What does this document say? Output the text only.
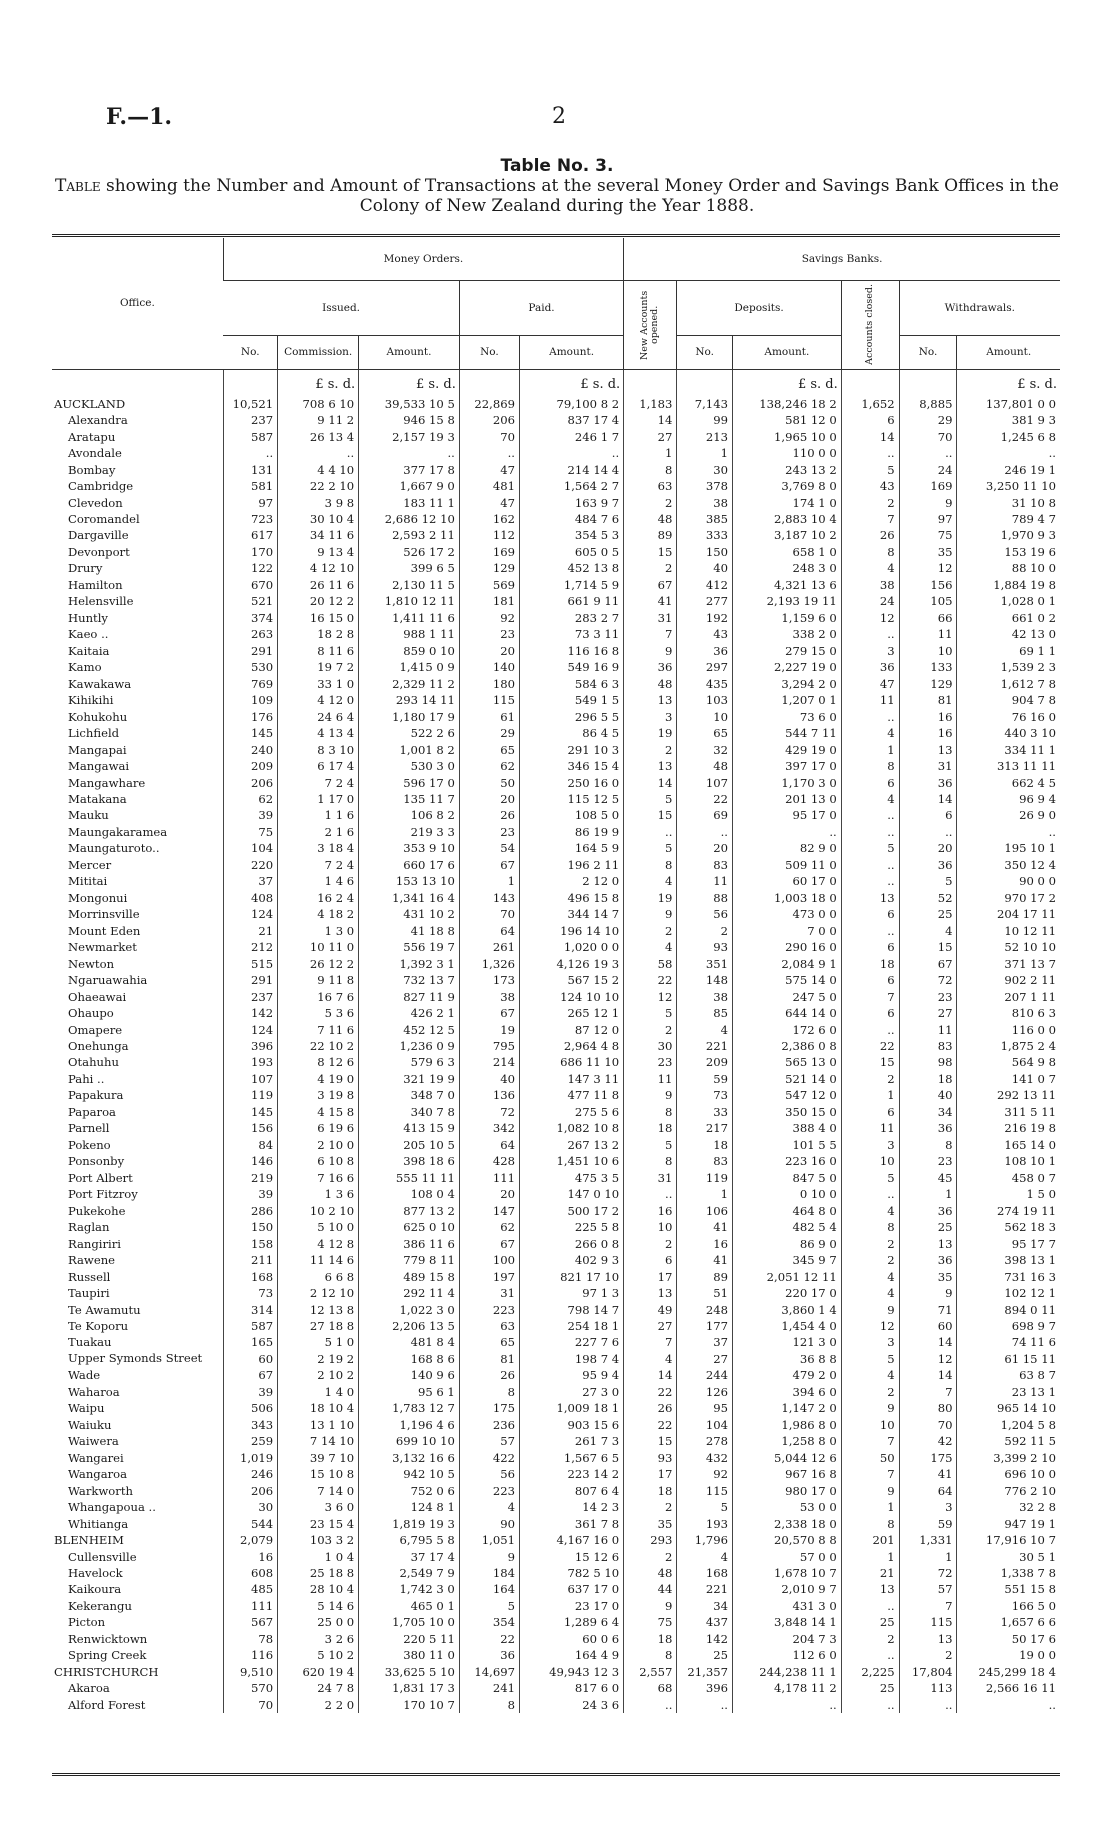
F.—1.	2
Table No. 3.
Table showing the Number and Amount of Transactions at the several Money Order and Savings Bank Offices in the Colony of New Zealand during the Year 1888.
Office.	Money Orders.					Savings Banks.					
	Issued.			Paid.		New Accounts opened.	Deposits.		Accounts closed.	Withdrawals.	
	No.	Commission.	Amount.	No.	Amount.		No.	Amount.		No.	Amount.
		£ s. d.	£ s. d.		£ s. d.			£ s. d.			£ s. d.
AUCKLAND	10,521	708 6 10	39,533 10 5	22,869	79,100 8 2	1,183	7,143	138,246 18 2	1,652	8,885	137,801 0 0
Alexandra	237	9 11 2	946 15 8	206	837 17 4	14	99	581 12 0	6	29	381 9 3
Aratapu	587	26 13 4	2,157 19 3	70	246 1 7	27	213	1,965 10 0	14	70	1,245 6 8
Avondale	..	..	..	..	..	1	1	110 0 0	..	..	..
Bombay	131	4 4 10	377 17 8	47	214 14 4	8	30	243 13 2	5	24	246 19 1
Cambridge	581	22 2 10	1,667 9 0	481	1,564 2 7	63	378	3,769 8 0	43	169	3,250 11 10
Clevedon	97	3 9 8	183 11 1	47	163 9 7	2	38	174 1 0	2	9	31 10 8
Coromandel	723	30 10 4	2,686 12 10	162	484 7 6	48	385	2,883 10 4	7	97	789 4 7
Dargaville	617	34 11 6	2,593 2 11	112	354 5 3	89	333	3,187 10 2	26	75	1,970 9 3
Devonport	170	9 13 4	526 17 2	169	605 0 5	15	150	658 1 0	8	35	153 19 6
Drury	122	4 12 10	399 6 5	129	452 13 8	2	40	248 3 0	4	12	88 10 0
Hamilton	670	26 11 6	2,130 11 5	569	1,714 5 9	67	412	4,321 13 6	38	156	1,884 19 8
Helensville	521	20 12 2	1,810 12 11	181	661 9 11	41	277	2,193 19 11	24	105	1,028 0 1
Huntly	374	16 15 0	1,411 11 6	92	283 2 7	31	192	1,159 6 0	12	66	661 0 2
Kaeo ..	263	18 2 8	988 1 11	23	73 3 11	7	43	338 2 0	..	11	42 13 0
Kaitaia	291	8 11 6	859 0 10	20	116 16 8	9	36	279 15 0	3	10	69 1 1
Kamo	530	19 7 2	1,415 0 9	140	549 16 9	36	297	2,227 19 0	36	133	1,539 2 3
Kawakawa	769	33 1 0	2,329 11 2	180	584 6 3	48	435	3,294 2 0	47	129	1,612 7 8
Kihikihi	109	4 12 0	293 14 11	115	549 1 5	13	103	1,207 0 1	11	81	904 7 8
Kohukohu	176	24 6 4	1,180 17 9	61	296 5 5	3	10	73 6 0	..	16	76 16 0
Lichfield	145	4 13 4	522 2 6	29	86 4 5	19	65	544 7 11	4	16	440 3 10
Mangapai	240	8 3 10	1,001 8 2	65	291 10 3	2	32	429 19 0	1	13	334 11 1
Mangawai	209	6 17 4	530 3 0	62	346 15 4	13	48	397 17 0	8	31	313 11 11
Mangawhare	206	7 2 4	596 17 0	50	250 16 0	14	107	1,170 3 0	6	36	662 4 5
Matakana	62	1 17 0	135 11 7	20	115 12 5	5	22	201 13 0	4	14	96 9 4
Mauku	39	1 1 6	106 8 2	26	108 5 0	15	69	95 17 0	..	6	26 9 0
Maungakaramea	75	2 1 6	219 3 3	23	86 19 9	..	..	..	..	..	..
Maungaturoto..	104	3 18 4	353 9 10	54	164 5 9	5	20	82 9 0	5	20	195 10 1
Mercer	220	7 2 4	660 17 6	67	196 2 11	8	83	509 11 0	..	36	350 12 4
Mititai	37	1 4 6	153 13 10	1	2 12 0	4	11	60 17 0	..	5	90 0 0
Mongonui	408	16 2 4	1,341 16 4	143	496 15 8	19	88	1,003 18 0	13	52	970 17 2
Morrinsville	124	4 18 2	431 10 2	70	344 14 7	9	56	473 0 0	6	25	204 17 11
Mount Eden	21	1 3 0	41 18 8	64	196 14 10	2	2	7 0 0	..	4	10 12 11
Newmarket	212	10 11 0	556 19 7	261	1,020 0 0	4	93	290 16 0	6	15	52 10 10
Newton	515	26 12 2	1,392 3 1	1,326	4,126 19 3	58	351	2,084 9 1	18	67	371 13 7
Ngaruawahia	291	9 11 8	732 13 7	173	567 15 2	22	148	575 14 0	6	72	902 2 11
Ohaeawai	237	16 7 6	827 11 9	38	124 10 10	12	38	247 5 0	7	23	207 1 11
Ohaupo	142	5 3 6	426 2 1	67	265 12 1	5	85	644 14 0	6	27	810 6 3
Omapere	124	7 11 6	452 12 5	19	87 12 0	2	4	172 6 0	..	11	116 0 0
Onehunga	396	22 10 2	1,236 0 9	795	2,964 4 8	30	221	2,386 0 8	22	83	1,875 2 4
Otahuhu	193	8 12 6	579 6 3	214	686 11 10	23	209	565 13 0	15	98	564 9 8
Pahi ..	107	4 19 0	321 19 9	40	147 3 11	11	59	521 14 0	2	18	141 0 7
Papakura	119	3 19 8	348 7 0	136	477 11 8	9	73	547 12 0	1	40	292 13 11
Paparoa	145	4 15 8	340 7 8	72	275 5 6	8	33	350 15 0	6	34	311 5 11
Parnell	156	6 19 6	413 15 9	342	1,082 10 8	18	217	388 4 0	11	36	216 19 8
Pokeno	84	2 10 0	205 10 5	64	267 13 2	5	18	101 5 5	3	8	165 14 0
Ponsonby	146	6 10 8	398 18 6	428	1,451 10 6	8	83	223 16 0	10	23	108 10 1
Port Albert	219	7 16 6	555 11 11	111	475 3 5	31	119	847 5 0	5	45	458 0 7
Port Fitzroy	39	1 3 6	108 0 4	20	147 0 10	..	1	0 10 0	..	1	1 5 0
Pukekohe	286	10 2 10	877 13 2	147	500 17 2	16	106	464 8 0	4	36	274 19 11
Raglan	150	5 10 0	625 0 10	62	225 5 8	10	41	482 5 4	8	25	562 18 3
Rangiriri	158	4 12 8	386 11 6	67	266 0 8	2	16	86 9 0	2	13	95 17 7
Rawene	211	11 14 6	779 8 11	100	402 9 3	6	41	345 9 7	2	36	398 13 1
Russell	168	6 6 8	489 15 8	197	821 17 10	17	89	2,051 12 11	4	35	731 16 3
Taupiri	73	2 12 10	292 11 4	31	97 1 3	13	51	220 17 0	4	9	102 12 1
Te Awamutu	314	12 13 8	1,022 3 0	223	798 14 7	49	248	3,860 1 4	9	71	894 0 11
Te Koporu	587	27 18 8	2,206 13 5	63	254 18 1	27	177	1,454 4 0	12	60	698 9 7
Tuakau	165	5 1 0	481 8 4	65	227 7 6	7	37	121 3 0	3	14	74 11 6
Upper Symonds Street	60	2 19 2	168 8 6	81	198 7 4	4	27	36 8 8	5	12	61 15 11
Wade	67	2 10 2	140 9 6	26	95 9 4	14	244	479 2 0	4	14	63 8 7
Waharoa	39	1 4 0	95 6 1	8	27 3 0	22	126	394 6 0	2	7	23 13 1
Waipu	506	18 10 4	1,783 12 7	175	1,009 18 1	26	95	1,147 2 0	9	80	965 14 10
Waiuku	343	13 1 10	1,196 4 6	236	903 15 6	22	104	1,986 8 0	10	70	1,204 5 8
Waiwera	259	7 14 10	699 10 10	57	261 7 3	15	278	1,258 8 0	7	42	592 11 5
Wangarei	1,019	39 7 10	3,132 16 6	422	1,567 6 5	93	432	5,044 12 6	50	175	3,399 2 10
Wangaroa	246	15 10 8	942 10 5	56	223 14 2	17	92	967 16 8	7	41	696 10 0
Warkworth	206	7 14 0	752 0 6	223	807 6 4	18	115	980 17 0	9	64	776 2 10
Whangapoua ..	30	3 6 0	124 8 1	4	14 2 3	2	5	53 0 0	1	3	32 2 8
Whitianga	544	23 15 4	1,819 19 3	90	361 7 8	35	193	2,338 18 0	8	59	947 19 1
BLENHEIM	2,079	103 3 2	6,795 5 8	1,051	4,167 16 0	293	1,796	20,570 8 8	201	1,331	17,916 10 7
Cullensville	16	1 0 4	37 17 4	9	15 12 6	2	4	57 0 0	1	1	30 5 1
Havelock	608	25 18 8	2,549 7 9	184	782 5 10	48	168	1,678 10 7	21	72	1,338 7 8
Kaikoura	485	28 10 4	1,742 3 0	164	637 17 0	44	221	2,010 9 7	13	57	551 15 8
Kekerangu	111	5 14 6	465 0 1	5	23 17 0	9	34	431 3 0	..	7	166 5 0
Picton	567	25 0 0	1,705 10 0	354	1,289 6 4	75	437	3,848 14 1	25	115	1,657 6 6
Renwicktown	78	3 2 6	220 5 11	22	60 0 6	18	142	204 7 3	2	13	50 17 6
Spring Creek	116	5 10 2	380 11 0	36	164 4 9	8	25	112 6 0	..	2	19 0 0
CHRISTCHURCH	9,510	620 19 4	33,625 5 10	14,697	49,943 12 3	2,557	21,357	244,238 11 1	2,225	17,804	245,299 18 4
Akaroa	570	24 7 8	1,831 17 3	241	817 6 0	68	396	4,178 11 2	25	113	2,566 16 11
Alford Forest	70	2 2 0	170 10 7	8	24 3 6	..	..	..	..	..	..
